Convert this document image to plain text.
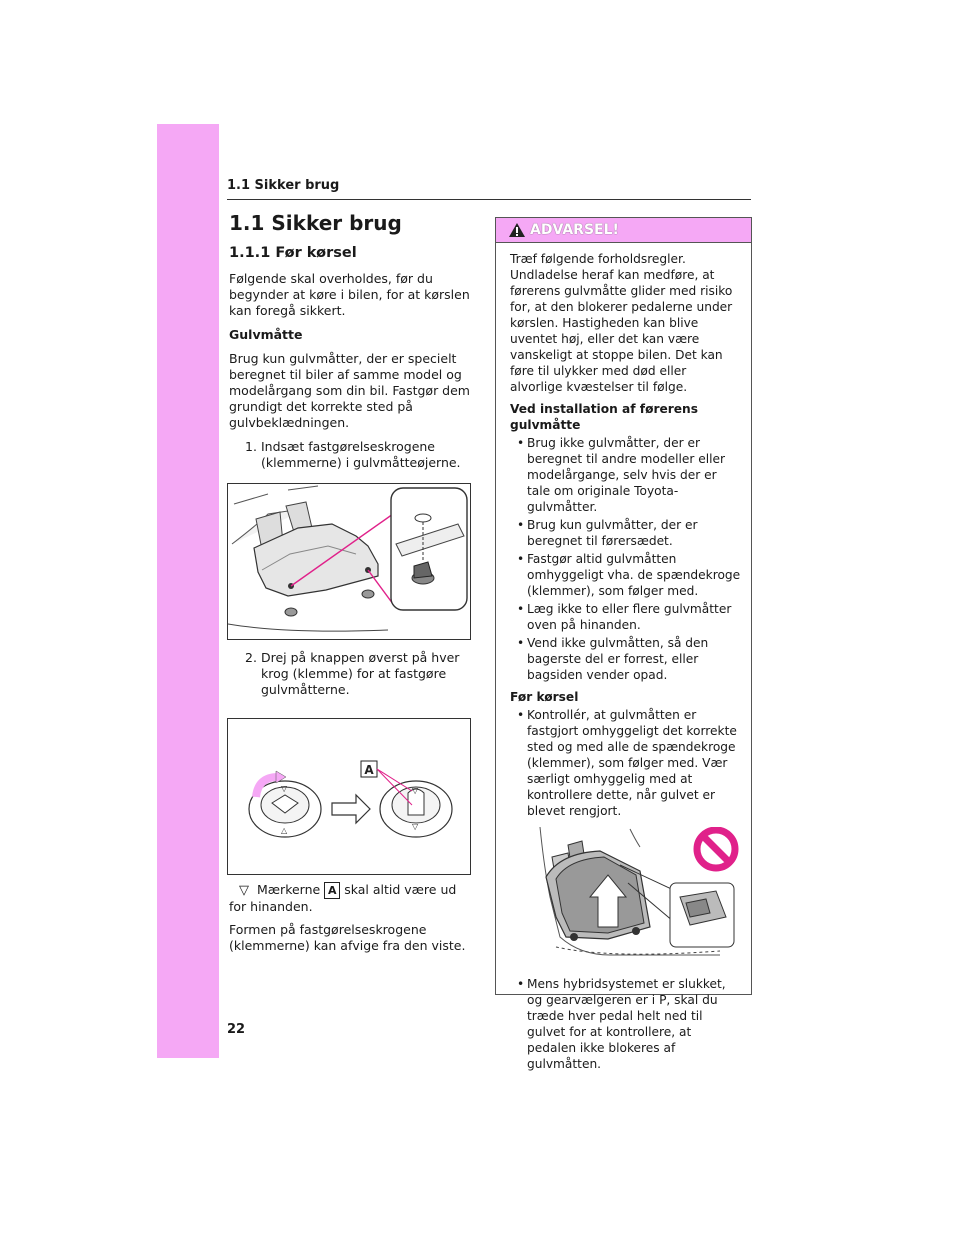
1.1 Sikker brug
1.1 Sikker brug
1.1.1 Før kørsel

Følgende skal overholdes, før du begynder at køre i bilen, for at kørslen kan foregå sikkert.

Gulvmåtte

Brug kun gulvmåtter, der er specielt beregnet til biler af samme model og modelårgang som din bil. Fastgør dem grundigt det korrekte sted på gulvbeklædningen.

1. Indsæt fastgørelseskrogene (klemmerne) i gulvmåtteøjerne.
2. Drej på knappen øverst på hver krog (klemme) for at fastgøre gulvmåtterne.
▽
△
▽
▽
A
▽ Mærkerne A skal altid være ud for hinanden.
Formen på fastgørelseskrogene (klemmerne) kan afvige fra den viste.
ADVARSEL!

Træf følgende forholdsregler. Undladelse heraf kan medføre, at førerens gulvmåtte glider med risiko for, at den blokerer pedalerne under kørslen. Hastigheden kan blive uventet høj, eller det kan være vanskeligt at stoppe bilen. Det kan føre til ulykker med død eller alvorlige kvæstelser til følge.

Ved installation af førerens gulvmåtte

• Brug ikke gulvmåtter, der er beregnet til andre modeller eller modelårgange, selv hvis der er tale om originale Toyota-gulvmåtter.
• Brug kun gulvmåtter, der er beregnet til førersædet.
• Fastgør altid gulvmåtten omhyggeligt vha. de spændekroge (klemmer), som følger med.
• Læg ikke to eller flere gulvmåtter oven på hinanden.
• Vend ikke gulvmåtten, så den bagerste del er forrest, eller bagsiden vender opad.

Før kørsel

• Kontrollér, at gulvmåtten er fastgjort omhyggeligt det korrekte sted og med alle de spændekroge (klemmer), som følger med. Vær særligt omhyggelig med at kontrollere dette, når gulvet er blevet rengjort.
• Mens hybridsystemet er slukket, og gearvælgeren er i P, skal du træde hver pedal helt ned til gulvet for at kontrollere, at pedalen ikke blokeres af gulvmåtten.
22
